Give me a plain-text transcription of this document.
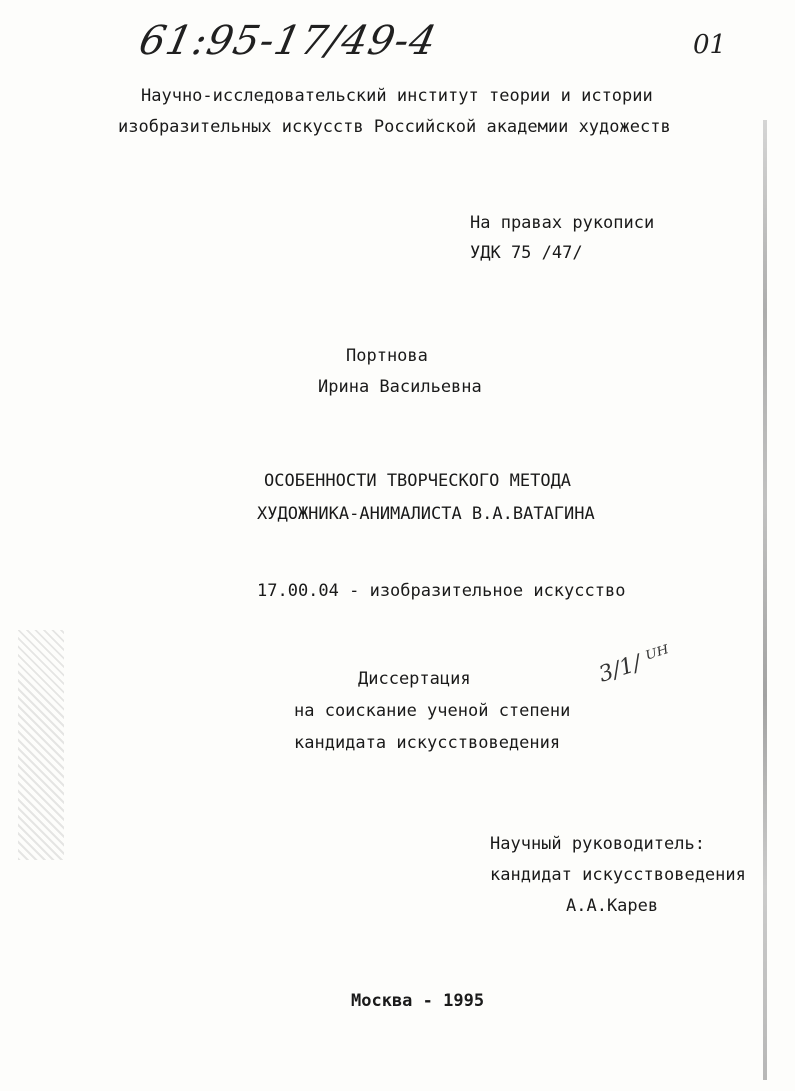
61:95-17/49-4	01
Научно-исследовательский институт теории и истории
изобразительных искусств Российской академии художеств
На правах рукописи
УДК 75 /47/
Портнова
Ирина Васильевна
ОСОБЕННОСТИ ТВОРЧЕСКОГО МЕТОДА
ХУДОЖНИКА-АНИМАЛИСТА В.А.ВАТАГИНА
17.00.04 - изобразительное искусство
3/1/ ᵁᴴ
Диссертация
на соискание ученой степени
кандидата искусствоведения
Научный руководитель:
кандидат искусствоведения
А.А.Карев
Москва - 1995
